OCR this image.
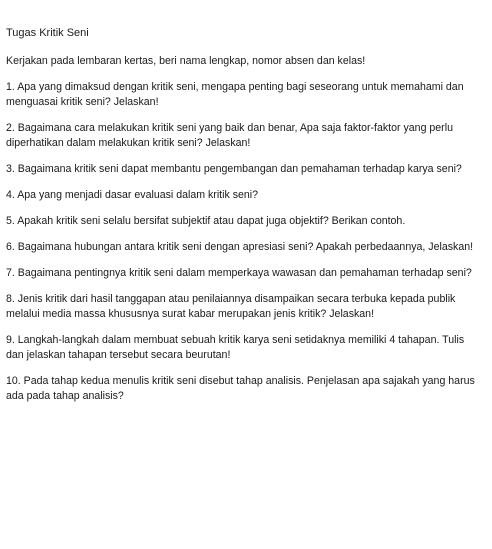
Tugas Kritik Seni

Kerjakan pada lembaran kertas, beri nama lengkap, nomor absen dan kelas!

1. Apa yang dimaksud dengan kritik seni, mengapa penting bagi seseorang untuk memahami dan menguasai kritik seni? Jelaskan!

2. Bagaimana cara melakukan kritik seni yang baik dan benar, Apa saja faktor-faktor yang perlu diperhatikan dalam melakukan kritik seni? Jelaskan!

3. Bagaimana kritik seni dapat membantu pengembangan dan pemahaman terhadap karya seni?

4. Apa yang menjadi dasar evaluasi dalam kritik seni?

5. Apakah kritik seni selalu bersifat subjektif atau dapat juga objektif? Berikan contoh.

6. Bagaimana hubungan antara kritik seni dengan apresiasi seni? Apakah perbedaannya, Jelaskan!

7. Bagaimana pentingnya kritik seni dalam memperkaya wawasan dan pemahaman terhadap seni?

8. Jenis kritik dari hasil tanggapan atau penilaiannya disampaikan secara terbuka kepada publik melalui media massa khususnya surat kabar merupakan jenis kritik? Jelaskan!

9. Langkah-langkah dalam membuat sebuah kritik karya seni setidaknya memiliki 4 tahapan. Tulis dan jelaskan tahapan tersebut secara beurutan!

10. Pada tahap kedua menulis kritik seni disebut tahap analisis. Penjelasan apa sajakah yang harus ada pada tahap analisis?
